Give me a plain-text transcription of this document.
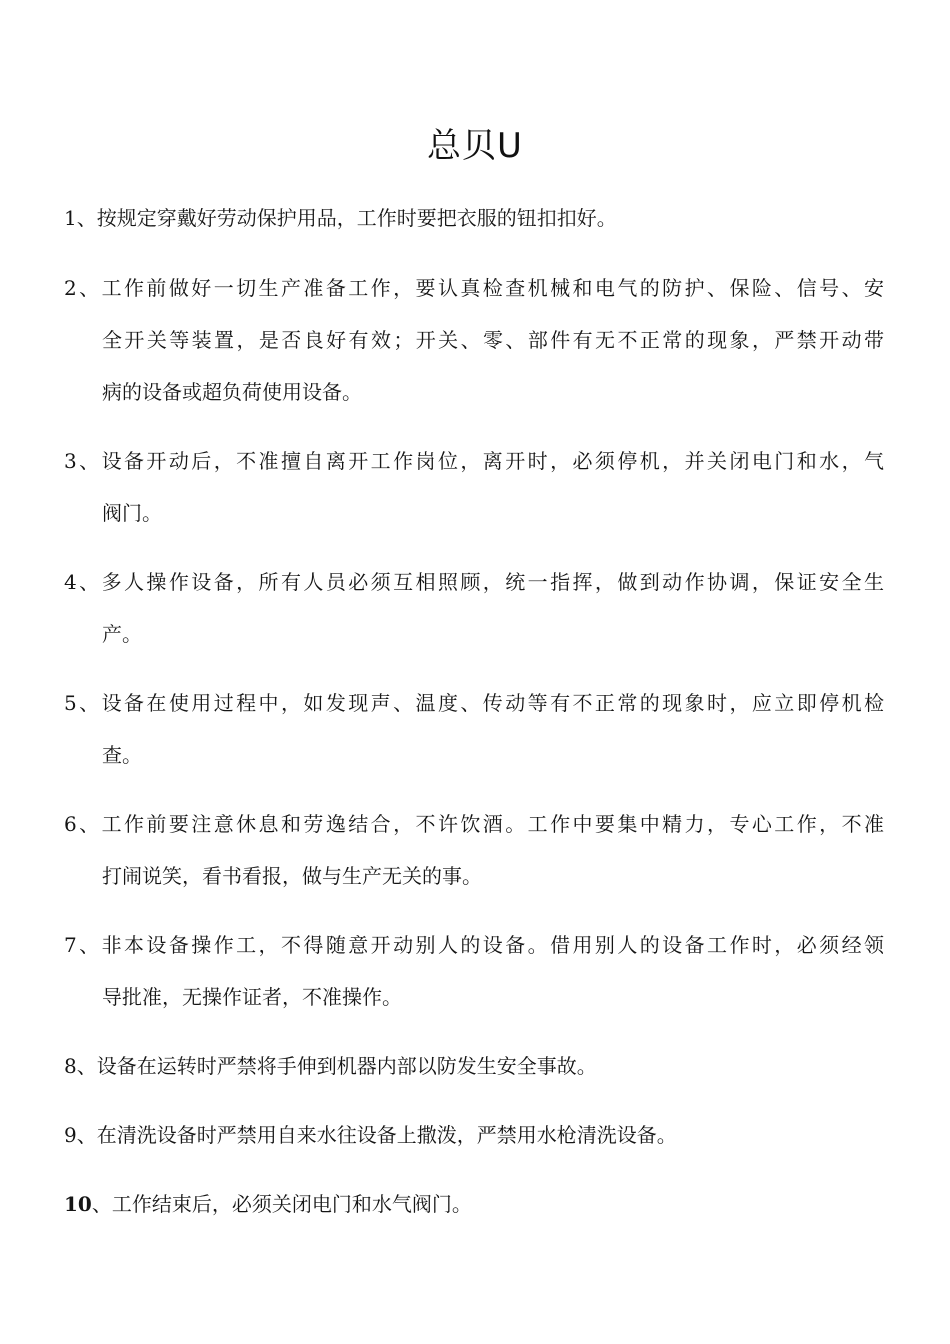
总贝U
1、按规定穿戴好劳动保护用品，工作时要把衣服的钮扣扣好。
2、工作前做好一切生产准备工作，要认真检查机械和电气的防护、保险、信号、安
全开关等装置，是否良好有效；开关、零、部件有无不正常的现象，严禁开动带
病的设备或超负荷使用设备。
3、设备开动后，不准擅自离开工作岗位，离开时，必须停机，并关闭电门和水，气
阀门。
4、多人操作设备，所有人员必须互相照顾，统一指挥，做到动作协调，保证安全生
产。
5、设备在使用过程中，如发现声、温度、传动等有不正常的现象时，应立即停机检
查。
6、工作前要注意休息和劳逸结合，不许饮酒。工作中要集中精力，专心工作，不准
打闹说笑，看书看报，做与生产无关的事。
7、非本设备操作工，不得随意开动别人的设备。借用别人的设备工作时，必须经领
导批准，无操作证者，不准操作。
8、设备在运转时严禁将手伸到机器内部以防发生安全事故。
9、在清洗设备时严禁用自来水往设备上撒泼，严禁用水枪清洗设备。
10、工作结束后，必须关闭电门和水气阀门。
